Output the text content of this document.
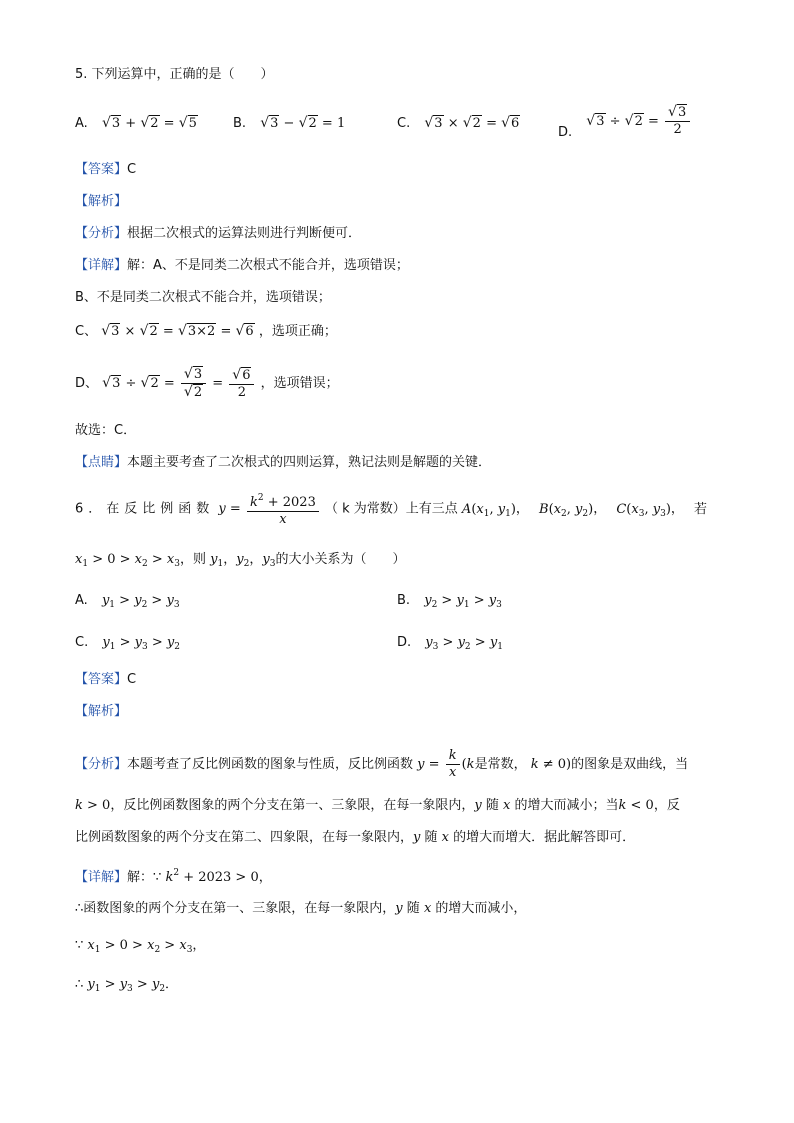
5. 下列运算中，正确的是（　　）
A. √3 + √2 = √5	B. √3 − √2 = 1	C. √3 × √2 = √6
D. $√3 \div √2 = \frac{√3}{2}$
【答案】C
【解析】
【分析】根据二次根式的运算法则进行判断便可．
【详解】解：A、不是同类二次根式不能合并，选项错误；
B、不是同类二次根式不能合并，选项错误；
C、 √3 × √2 = √3×2 = √6 ，选项正确；
D、 $√3 \div √2 = \frac{√3}{√2} = \frac{√6}{2}$ ，选项错误；
故选：C．
【点睛】本题主要考查了二次根式的四则运算，熟记法则是解题的关键．
6．在反比例函数 $y = \frac{k^2 + 2023}{x}$ （ k 为常数）上有三点 $A(x_1$, $y_1$)， $B(x_2$, $y_2$)， $C(x_3$, $y_3$)， 若
$x_1 > 0 > x_2 > x_3$，则 $y_1$，$y_2$，$y_3$的大小关系为（　　）
A. $y_1 > y_2 > y_3$	B. $y_2 > y_1 > y_3$
C. $y_1 > y_3 > y_2$	D. $y_3 > y_2 > y_1$
【答案】C
【解析】
【分析】本题考查了反比例函数的图象与性质，反比例函数 $y = \frac{k}{x} (k$是常数， k ≠ 0)的图象是双曲线，当
k > 0，反比例函数图象的两个分支在第一、三象限，在每一象限内，y 随 x 的增大而减小；当k < 0，反
比例函数图象的两个分支在第二、四象限，在每一象限内，y 随 x 的增大而增大．据此解答即可．
【详解】解：∵ $k^2 + 2023 > 0$，
∴函数图象的两个分支在第一、三象限，在每一象限内，y 随 x 的增大而减小，
∵ $x_1 > 0 > x_2 > x_3$，
∴ $y_1 > y_3 > y_2$．
